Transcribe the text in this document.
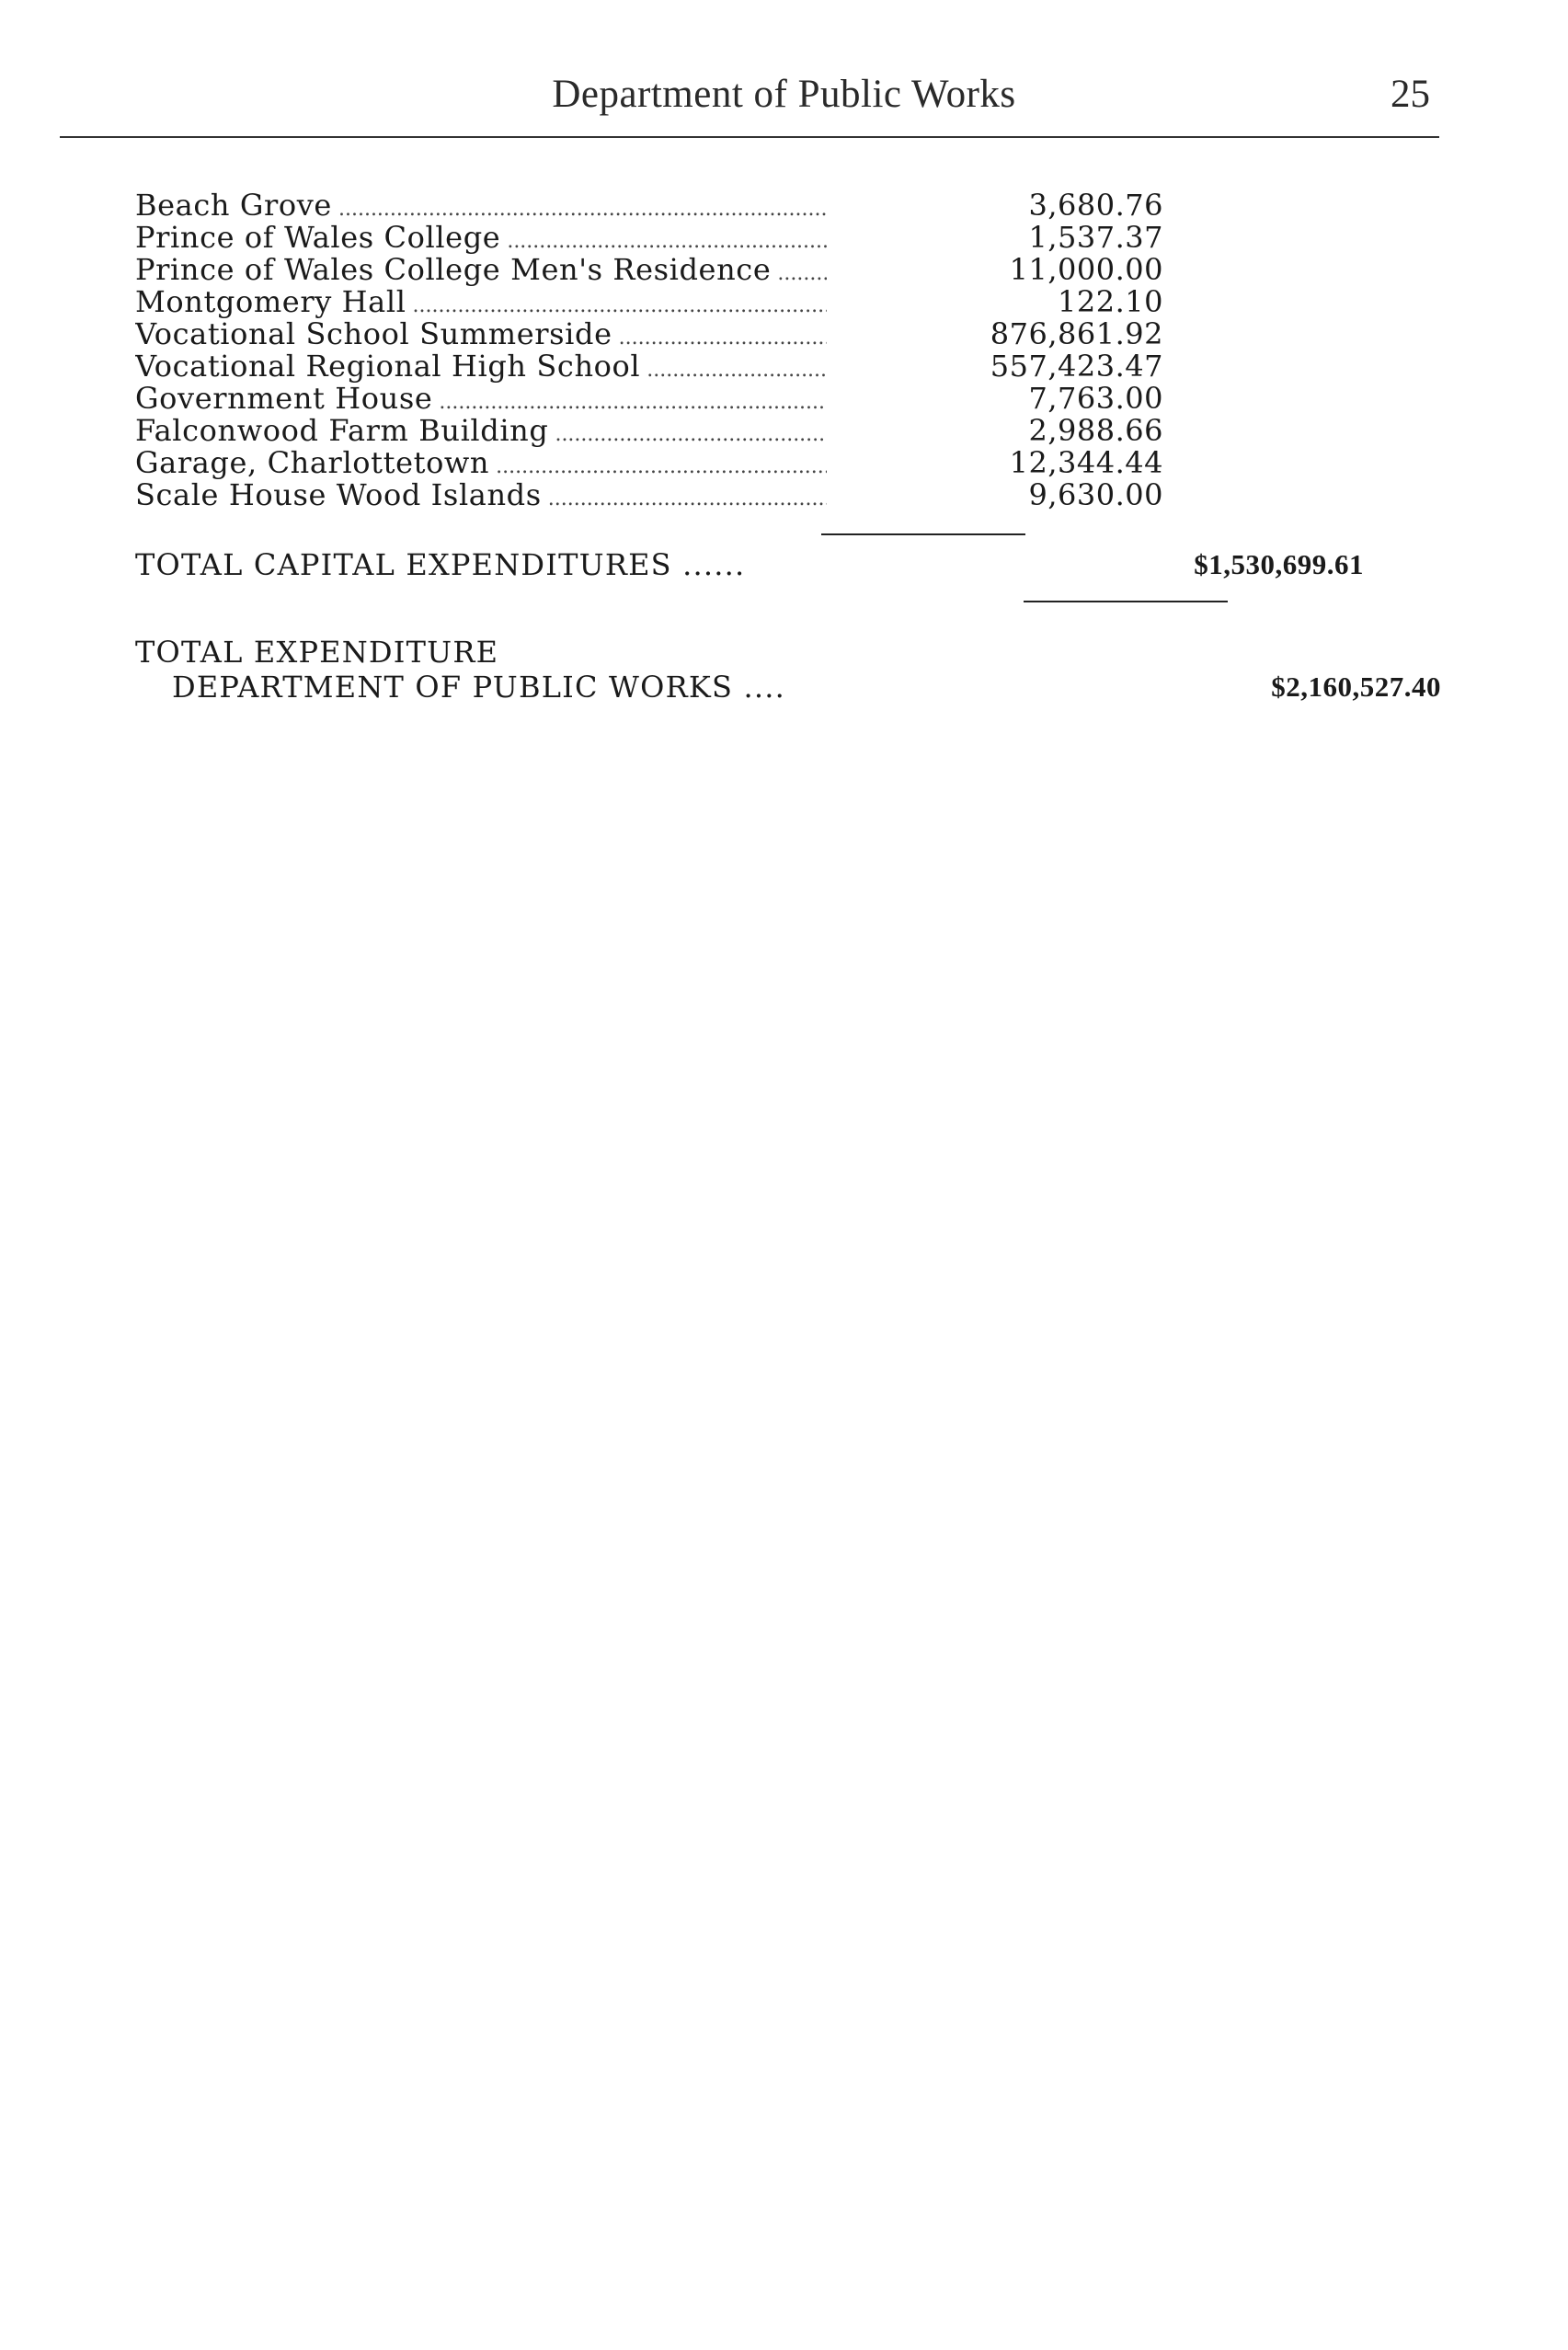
Department of Public Works	25
Beach Grove .....	3,680.76
Prince of Wales College .....	1,537.37
Prince of Wales College Men's Residence .....	11,000.00
Montgomery Hall .....	122.10
Vocational School Summerside .....	876,861.92
Vocational Regional High School .....	557,423.47
Government House .....	7,763.00
Falconwood Farm Building .....	2,988.66
Garage, Charlottetown .....	12,344.44
Scale House Wood Islands .....	9,630.00
TOTAL CAPITAL EXPENDITURES ......	$1,530,699.61
TOTAL EXPENDITURE
DEPARTMENT OF PUBLIC WORKS ....	$2,160,527.40
